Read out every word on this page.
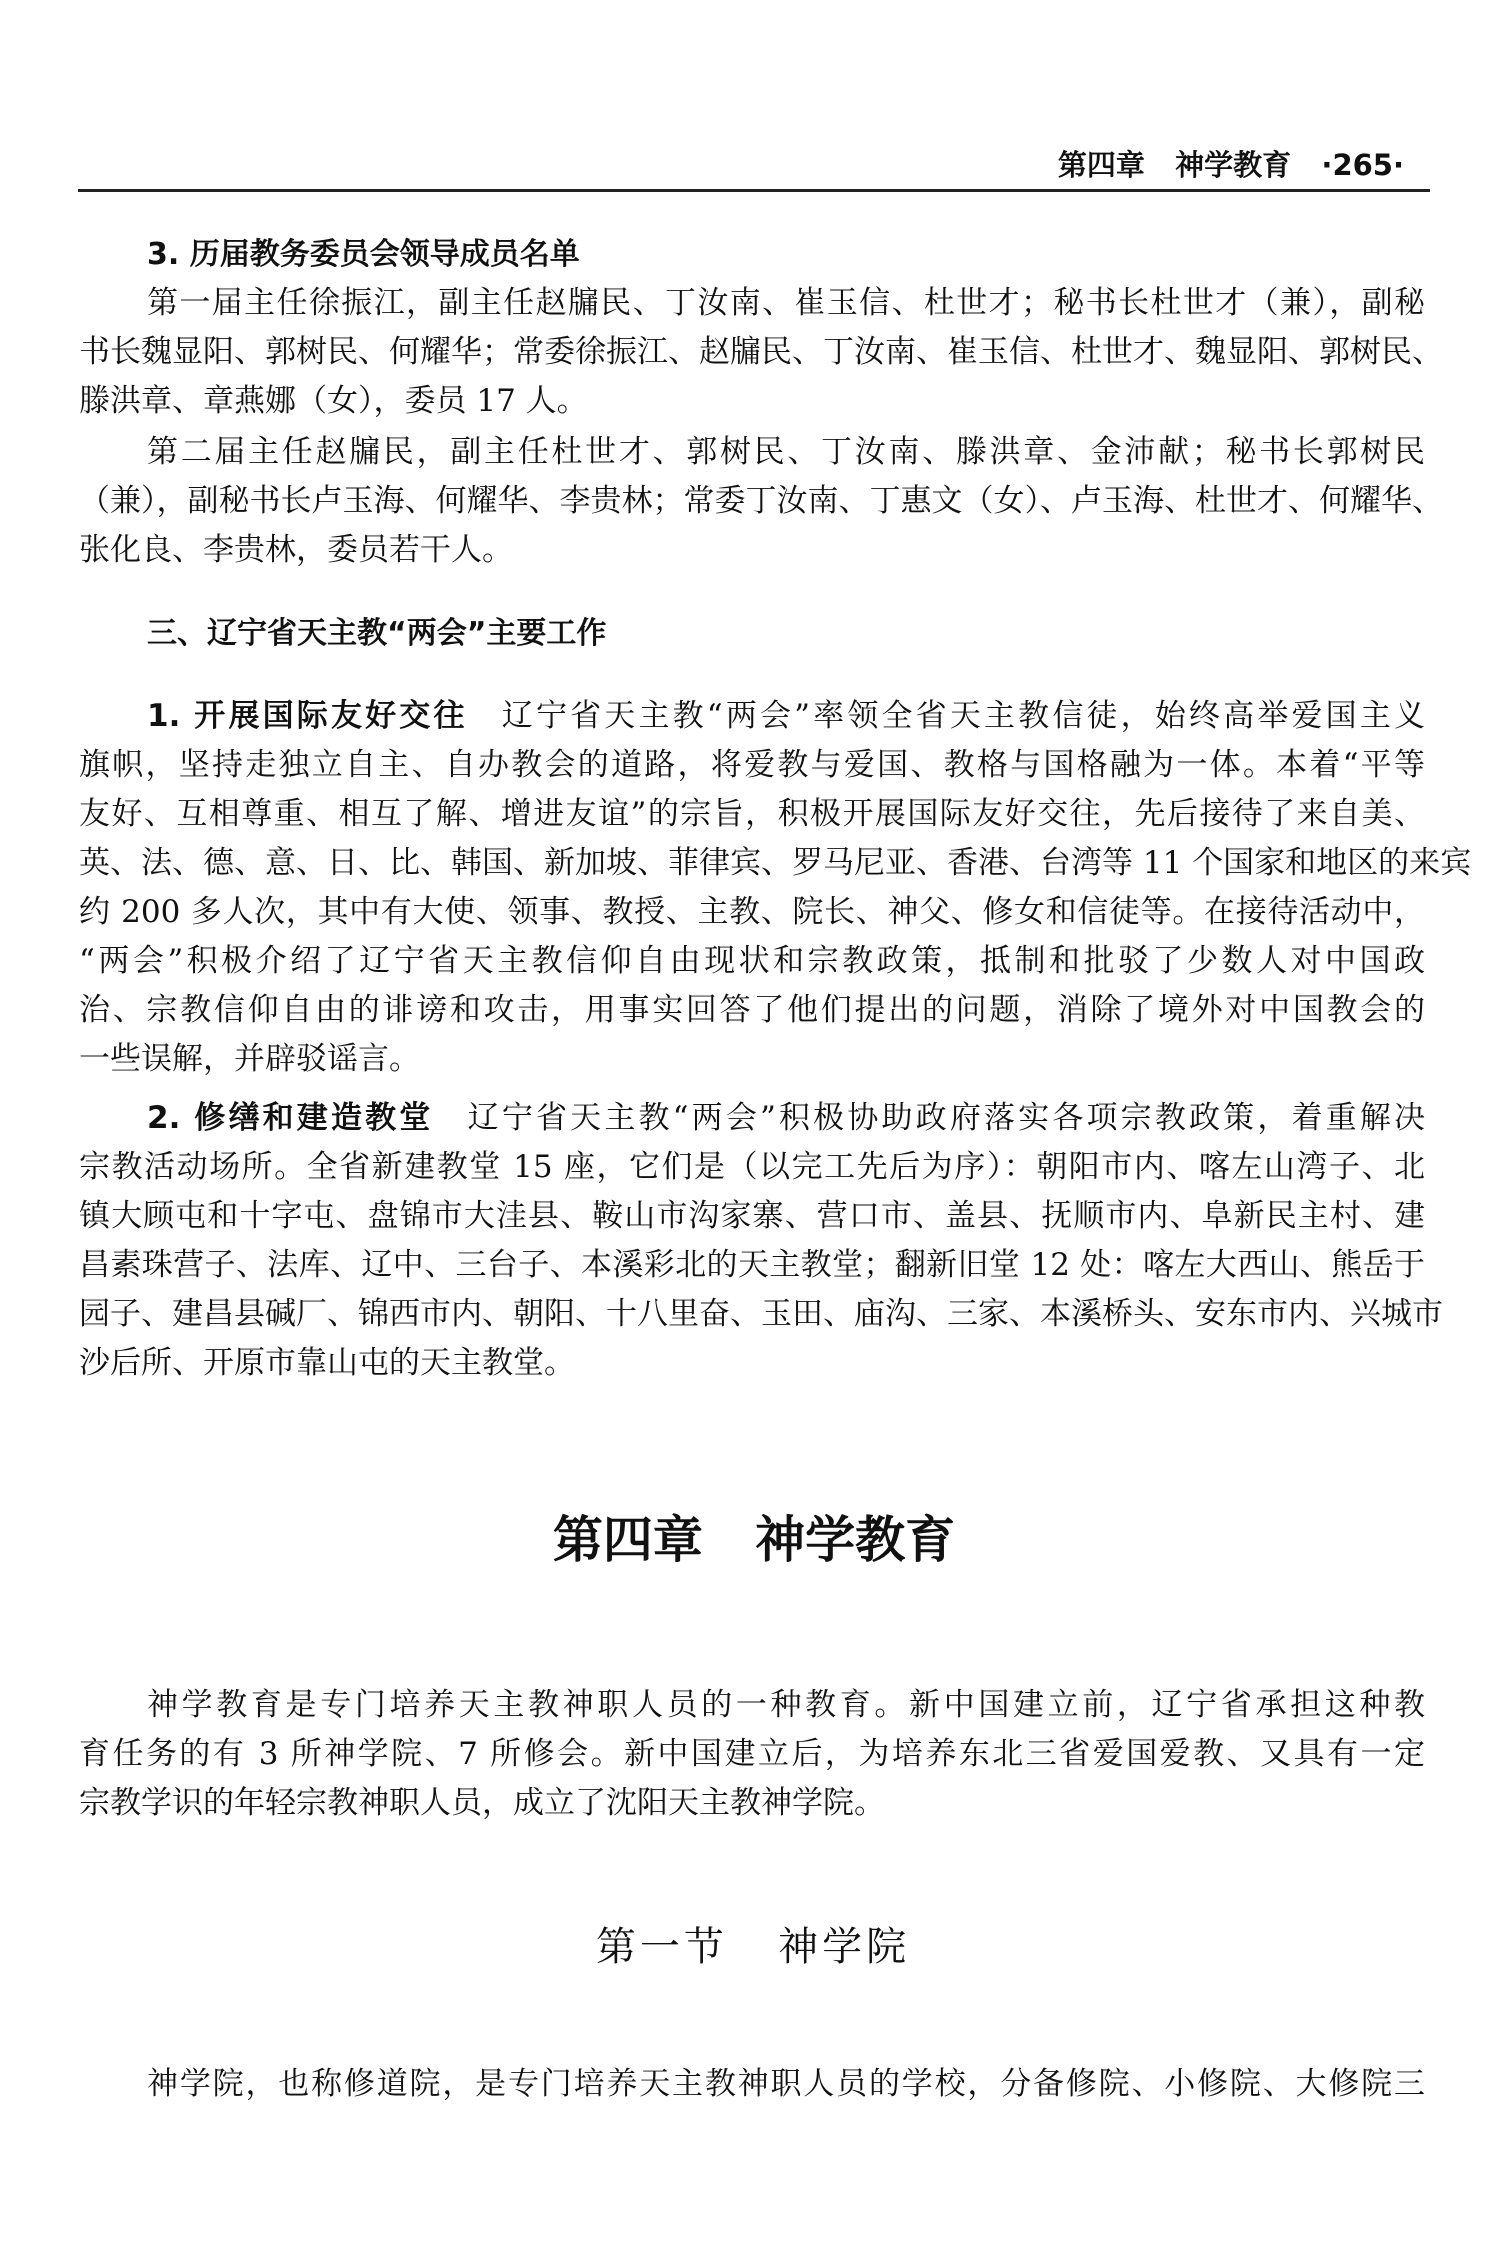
第四章   神学教育   ·265·
3. 历届教务委员会领导成员名单
三、辽宁省天主教“两会”主要工作
第一届主任徐振江，副主任赵牖民、丁汝南、崔玉信、杜世才；秘书长杜世才（兼），副秘
书长魏显阳、郭树民、何耀华；常委徐振江、赵牖民、丁汝南、崔玉信、杜世才、魏显阳、郭树民、
滕洪章、章燕娜（女），委员 17 人。
第二届主任赵牖民，副主任杜世才、郭树民、丁汝南、滕洪章、金沛献；秘书长郭树民
（兼），副秘书长卢玉海、何耀华、李贵林；常委丁汝南、丁惠文（女）、卢玉海、杜世才、何耀华、
张化良、李贵林，委员若干人。
1. 开展国际友好交往　辽宁省天主教“两会”率领全省天主教信徒，始终高举爱国主义
旗帜，坚持走独立自主、自办教会的道路，将爱教与爱国、教格与国格融为一体。本着“平等
友好、互相尊重、相互了解、增进友谊”的宗旨，积极开展国际友好交往，先后接待了来自美、
英、法、德、意、日、比、韩国、新加坡、菲律宾、罗马尼亚、香港、台湾等 11 个国家和地区的来宾
约 200 多人次，其中有大使、领事、教授、主教、院长、神父、修女和信徒等。在接待活动中，
“两会”积极介绍了辽宁省天主教信仰自由现状和宗教政策，抵制和批驳了少数人对中国政
治、宗教信仰自由的诽谤和攻击，用事实回答了他们提出的问题，消除了境外对中国教会的
一些误解，并辟驳谣言。
2. 修缮和建造教堂　辽宁省天主教“两会”积极协助政府落实各项宗教政策，着重解决
宗教活动场所。全省新建教堂 15 座，它们是（以完工先后为序）：朝阳市内、喀左山湾子、北
镇大顾屯和十字屯、盘锦市大洼县、鞍山市沟家寨、营口市、盖县、抚顺市内、阜新民主村、建
昌素珠营子、法库、辽中、三台子、本溪彩北的天主教堂；翻新旧堂 12 处：喀左大西山、熊岳于
园子、建昌县碱厂、锦西市内、朝阳、十八里奋、玉田、庙沟、三家、本溪桥头、安东市内、兴城市
沙后所、开原市靠山屯的天主教堂。
神学教育是专门培养天主教神职人员的一种教育。新中国建立前，辽宁省承担这种教
育任务的有 3 所神学院、7 所修会。新中国建立后，为培养东北三省爱国爱教、又具有一定
宗教学识的年轻宗教神职人员，成立了沈阳天主教神学院。
神学院，也称修道院，是专门培养天主教神职人员的学校，分备修院、小修院、大修院三
第四章   神学教育
第一节   神学院
